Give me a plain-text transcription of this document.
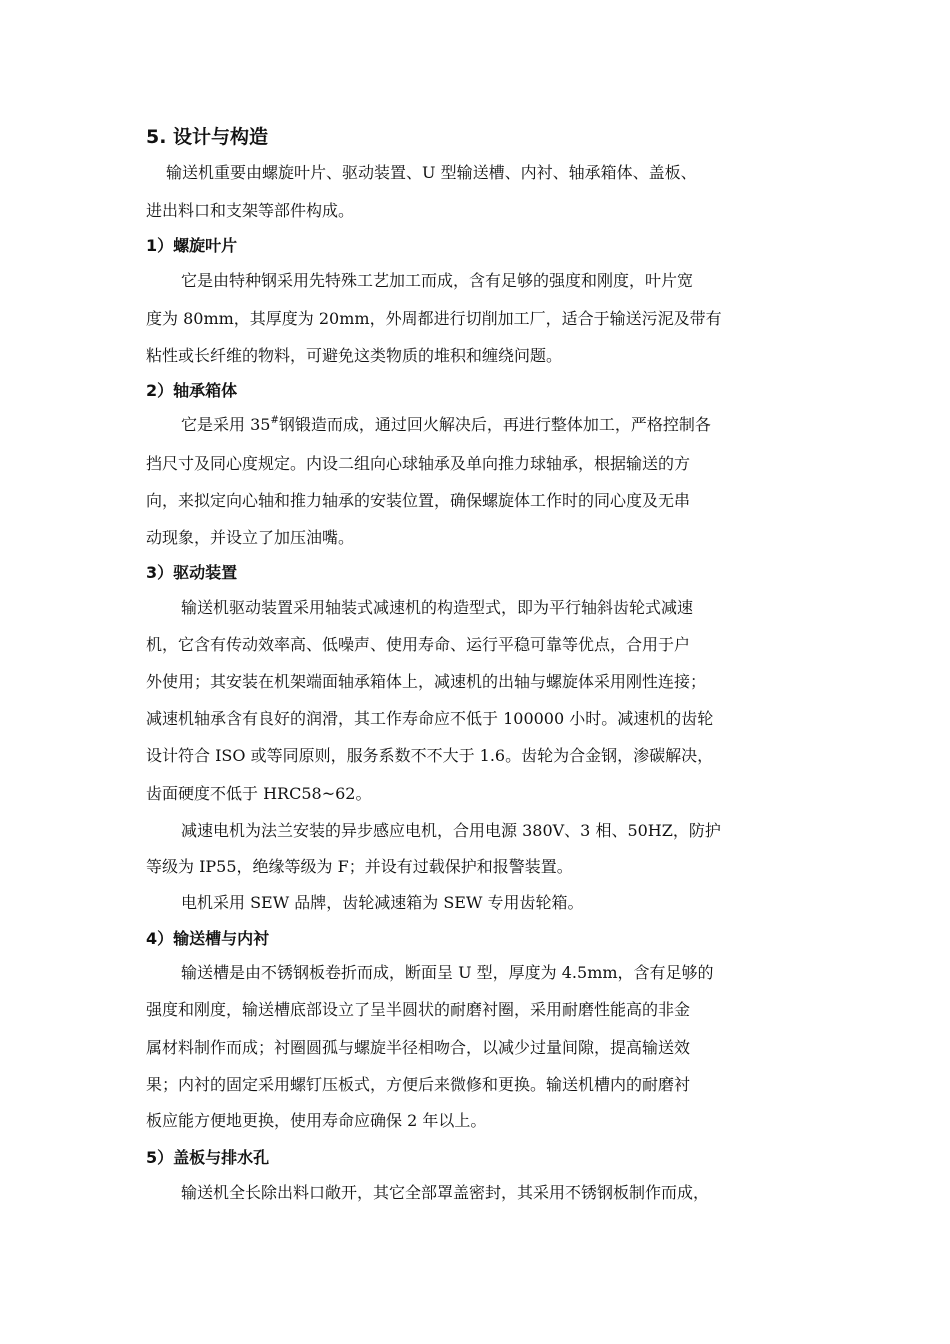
5. 设计与构造
输送机重要由螺旋叶片、驱动装置、U 型输送槽、内衬、轴承箱体、盖板、
进出料口和支架等部件构成。
1）螺旋叶片
它是由特种钢采用先特殊工艺加工而成，含有足够的强度和刚度，叶片宽
度为 80mm，其厚度为 20mm，外周都进行切削加工厂，适合于输送污泥及带有
粘性或长纤维的物料，可避免这类物质的堆积和缠绕问题。
2）轴承箱体
它是采用 35#钢锻造而成，通过回火解决后，再进行整体加工，严格控制各
挡尺寸及同心度规定。内设二组向心球轴承及单向推力球轴承，根据输送的方
向，来拟定向心轴和推力轴承的安装位置，确保螺旋体工作时的同心度及无串
动现象，并设立了加压油嘴。
3）驱动装置
输送机驱动装置采用轴装式减速机的构造型式，即为平行轴斜齿轮式减速
机，它含有传动效率高、低噪声、使用寿命、运行平稳可靠等优点，合用于户
外使用；其安装在机架端面轴承箱体上，减速机的出轴与螺旋体采用刚性连接；
减速机轴承含有良好的润滑，其工作寿命应不低于 100000 小时。减速机的齿轮
设计符合 ISO 或等同原则，服务系数不不大于 1.6。齿轮为合金钢，渗碳解决，
齿面硬度不低于 HRC58~62。
减速电机为法兰安装的异步感应电机，合用电源 380V、3 相、50HZ，防护
等级为 IP55，绝缘等级为 F；并设有过载保护和报警装置。
电机采用 SEW 品牌，齿轮减速箱为 SEW 专用齿轮箱。
4）输送槽与内衬
输送槽是由不锈钢板卷折而成，断面呈 U 型，厚度为 4.5mm，含有足够的
强度和刚度，输送槽底部设立了呈半圆状的耐磨衬圈，采用耐磨性能高的非金
属材料制作而成；衬圈圆孤与螺旋半径相吻合，以减少过量间隙，提高输送效
果；内衬的固定采用螺钉压板式，方便后来微修和更换。输送机槽内的耐磨衬
板应能方便地更换，使用寿命应确保 2 年以上。
5）盖板与排水孔
输送机全长除出料口敞开，其它全部罩盖密封，其采用不锈钢板制作而成，
